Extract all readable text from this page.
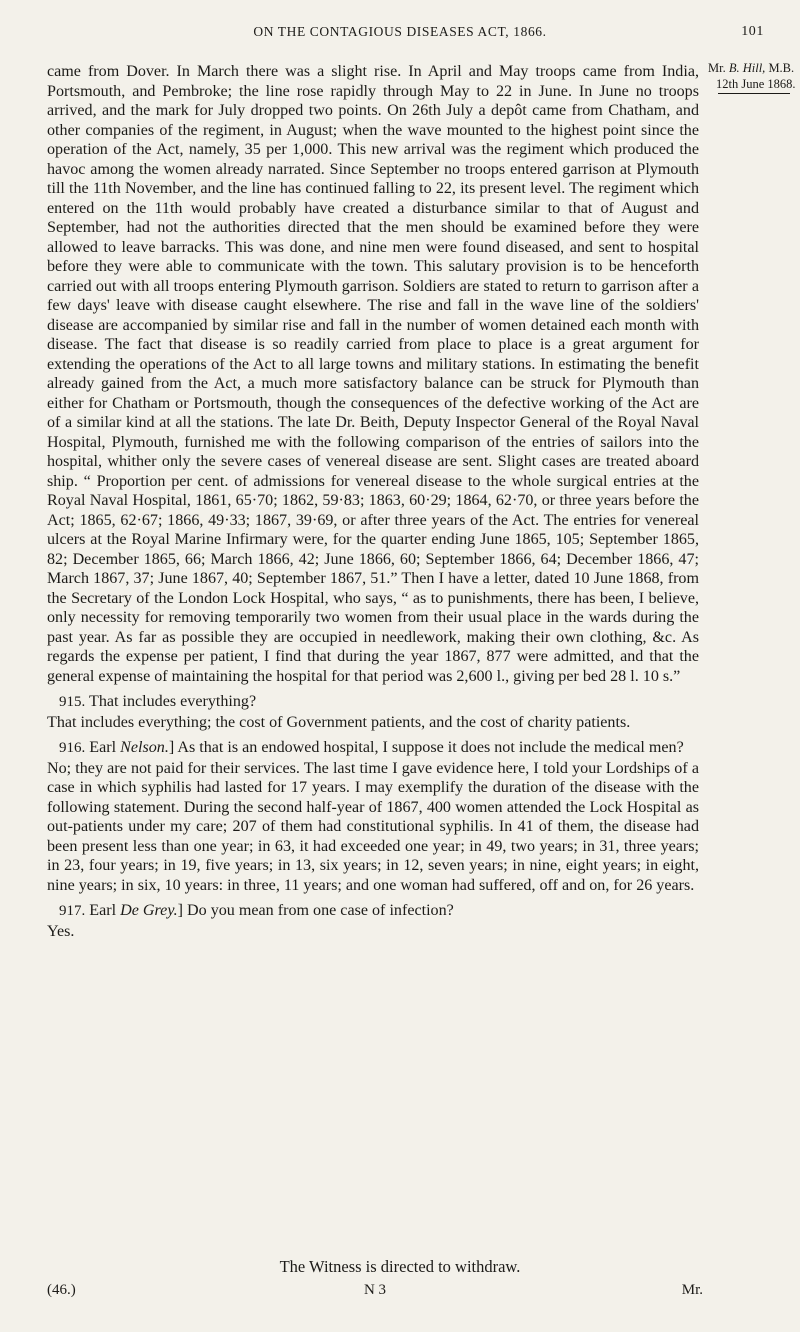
ON THE CONTAGIOUS DISEASES ACT, 1866.	101
Mr. B. Hill, M.B.
12th June 1868.

came from Dover. In March there was a slight rise. In April and May troops came from India, Portsmouth, and Pembroke; the line rose rapidly through May to 22 in June. In June no troops arrived, and the mark for July dropped two points. On 26th July a depôt came from Chatham, and other companies of the regiment, in August; when the wave mounted to the highest point since the operation of the Act, namely, 35 per 1,000. This new arrival was the regiment which produced the havoc among the women already narrated. Since September no troops entered garrison at Plymouth till the 11th November, and the line has continued falling to 22, its present level. The regiment which entered on the 11th would probably have created a disturbance similar to that of August and September, had not the authorities directed that the men should be examined before they were allowed to leave barracks. This was done, and nine men were found diseased, and sent to hospital before they were able to communicate with the town. This salutary provision is to be henceforth carried out with all troops entering Plymouth garrison. Soldiers are stated to return to garrison after a few days' leave with disease caught elsewhere. The rise and fall in the wave line of the soldiers' disease are accompanied by similar rise and fall in the number of women detained each month with disease. The fact that disease is so readily carried from place to place is a great argument for extending the operations of the Act to all large towns and military stations. In estimating the benefit already gained from the Act, a much more satisfactory balance can be struck for Plymouth than either for Chatham or Portsmouth, though the consequences of the defective working of the Act are of a similar kind at all the stations. The late Dr. Beith, Deputy Inspector General of the Royal Naval Hospital, Plymouth, furnished me with the following comparison of the entries of sailors into the hospital, whither only the severe cases of venereal disease are sent. Slight cases are treated aboard ship. “ Proportion per cent. of admissions for venereal disease to the whole surgical entries at the Royal Naval Hospital, 1861, 65·70; 1862, 59·83; 1863, 60·29; 1864, 62·70, or three years before the Act; 1865, 62·67; 1866, 49·33; 1867, 39·69, or after three years of the Act. The entries for venereal ulcers at the Royal Marine Infirmary were, for the quarter ending June 1865, 105; September 1865, 82; December 1865, 66; March 1866, 42; June 1866, 60; September 1866, 64; December 1866, 47; March 1867, 37; June 1867, 40; September 1867, 51.” Then I have a letter, dated 10 June 1868, from the Secretary of the London Lock Hospital, who says, “ as to punishments, there has been, I believe, only necessity for removing temporarily two women from their usual place in the wards during the past year. As far as possible they are occupied in needlework, making their own clothing, &c. As regards the expense per patient, I find that during the year 1867, 877 were admitted, and that the general expense of maintaining the hospital for that period was 2,600 l., giving per bed 28 l. 10 s.”

915. That includes everything?

That includes everything; the cost of Government patients, and the cost of charity patients.

916. Earl Nelson.] As that is an endowed hospital, I suppose it does not include the medical men?

No; they are not paid for their services. The last time I gave evidence here, I told your Lordships of a case in which syphilis had lasted for 17 years. I may exemplify the duration of the disease with the following statement. During the second half-year of 1867, 400 women attended the Lock Hospital as out-patients under my care; 207 of them had constitutional syphilis. In 41 of them, the disease had been present less than one year; in 63, it had exceeded one year; in 49, two years; in 31, three years; in 23, four years; in 19, five years; in 13, six years; in 12, seven years; in nine, eight years; in eight, nine years; in six, 10 years: in three, 11 years; and one woman had suffered, off and on, for 26 years.

917. Earl De Grey.] Do you mean from one case of infection?

Yes.

The Witness is directed to withdraw.
(46.)	N 3	Mr.
